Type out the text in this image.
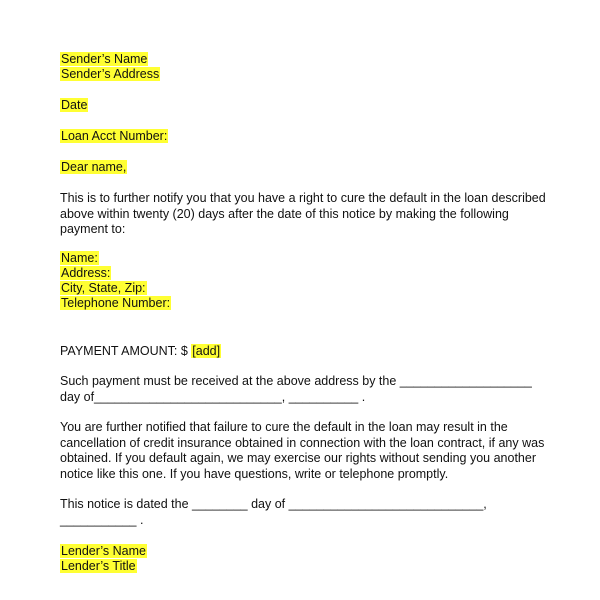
Sender’s Name

Sender’s Address

Date

Loan Acct Number:

Dear name,

This is to further notify you that you have a right to cure the default in the loan described
above within twenty (20) days after the date of this notice by making the following
payment to:

Name:

Address:

City, State, Zip:

Telephone Number:

PAYMENT AMOUNT: $ [add]

Such payment must be received at the above address by the ___________________
day of___________________________, __________ .
You are further notified that failure to cure the default in the loan may result in the
cancellation of credit insurance obtained in connection with the loan contract, if any was
obtained. If you default again, we may exercise our rights without sending you another
notice like this one. If you have questions, write or telephone promptly.
This notice is dated the ________ day of ____________________________,
___________ .

Lender’s Name

Lender’s Title
